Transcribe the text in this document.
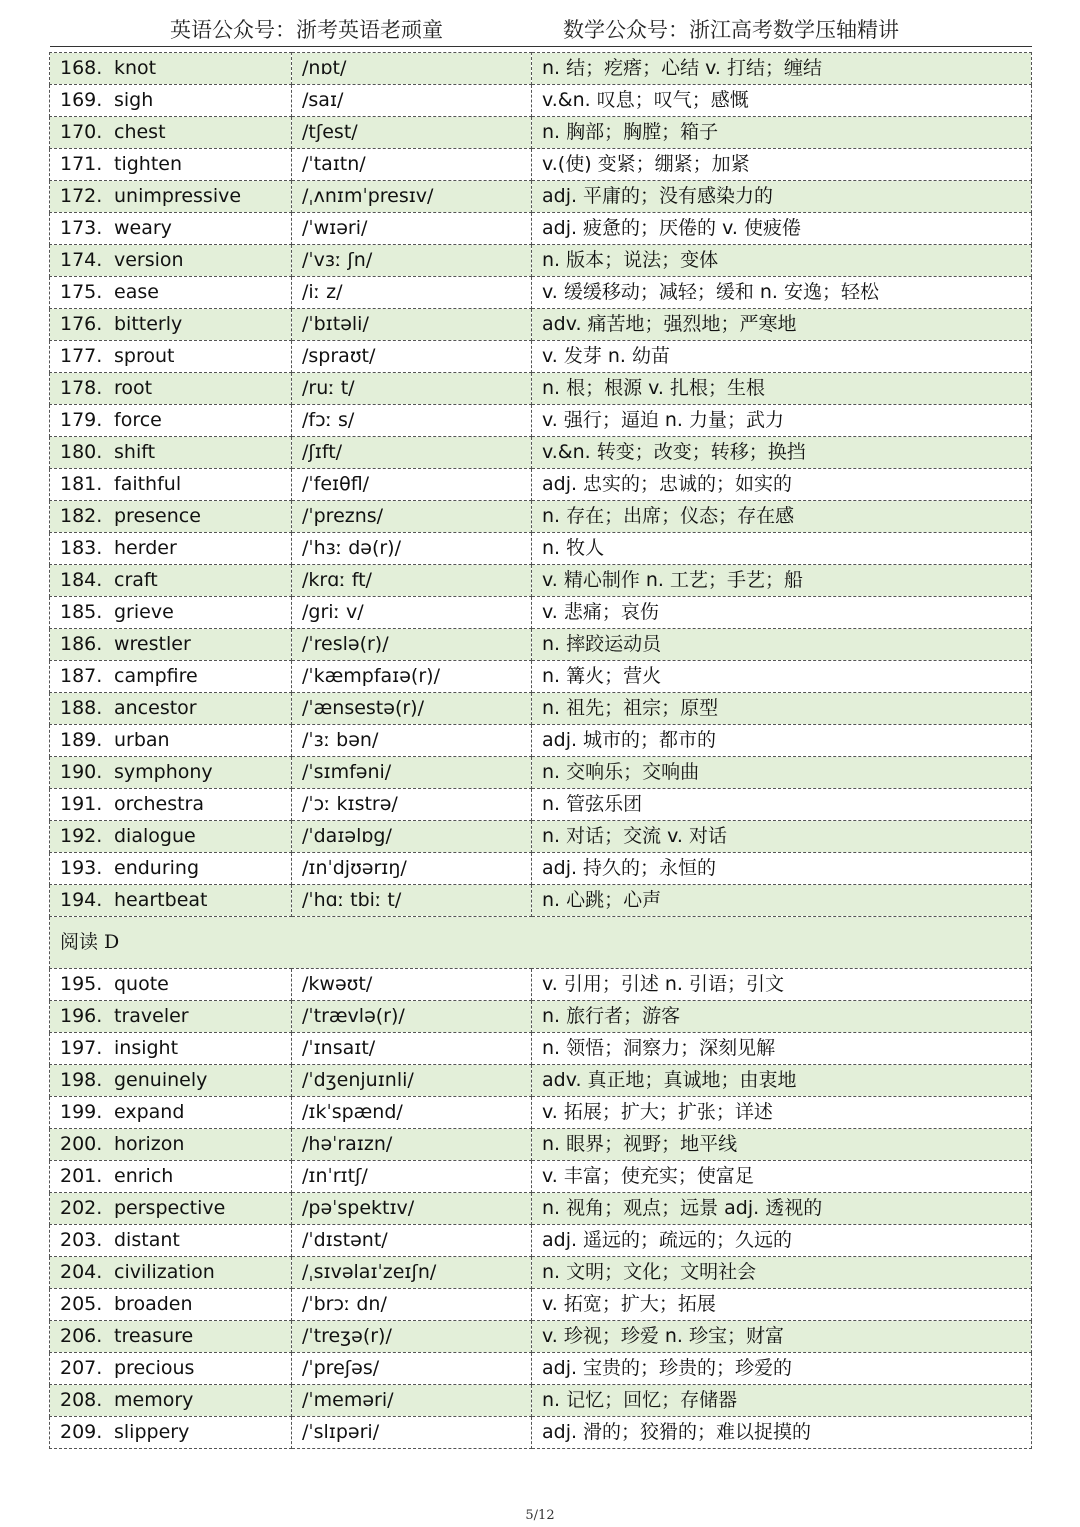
英语公众号：浙考英语老顽童	数学公众号：浙江高考数学压轴精讲
168. knot	/nɒt/	n. 结；疙瘩；心结 v. 打结；缠结
169. sigh	/saɪ/	v.&n. 叹息；叹气；感慨
170. chest	/tʃest/	n. 胸部；胸膛；箱子
171. tighten	/ˈtaɪtn/	v.(使) 变紧；绷紧；加紧
172. unimpressive	/ˌʌnɪmˈpresɪv/	adj. 平庸的；没有感染力的
173. weary	/ˈwɪəri/	adj. 疲惫的；厌倦的 v. 使疲倦
174. version	/ˈvɜː ʃn/	n. 版本；说法；变体
175. ease	/iː z/	v. 缓缓移动；减轻；缓和 n. 安逸；轻松
176. bitterly	/ˈbɪtəli/	adv. 痛苦地；强烈地；严寒地
177. sprout	/spraʊt/	v. 发芽 n. 幼苗
178. root	/ruː t/	n. 根；根源 v. 扎根；生根
179. force	/fɔː s/	v. 强行；逼迫 n. 力量；武力
180. shift	/ʃɪft/	v.&n. 转变；改变；转移；换挡
181. faithful	/ˈfeɪθfl/	adj. 忠实的；忠诚的；如实的
182. presence	/ˈprezns/	n. 存在；出席；仪态；存在感
183. herder	/ˈhɜː də(r)/	n. 牧人
184. craft	/krɑː ft/	v. 精心制作 n. 工艺；手艺；船
185. grieve	/griː v/	v. 悲痛；哀伤
186. wrestler	/ˈreslə(r)/	n. 摔跤运动员
187. campfire	/ˈkæmpfaɪə(r)/	n. 篝火；营火
188. ancestor	/ˈænsestə(r)/	n. 祖先；祖宗；原型
189. urban	/ˈɜː bən/	adj. 城市的；都市的
190. symphony	/ˈsɪmfəni/	n. 交响乐；交响曲
191. orchestra	/ˈɔː kɪstrə/	n. 管弦乐团
192. dialogue	/ˈdaɪəlɒg/	n. 对话；交流 v. 对话
193. enduring	/ɪnˈdjʊərɪŋ/	adj. 持久的；永恒的
194. heartbeat	/ˈhɑː tbiː t/	n. 心跳；心声
阅读 D		
195. quote	/kwəʊt/	v. 引用；引述 n. 引语；引文
196. traveler	/ˈtrævlə(r)/	n. 旅行者；游客
197. insight	/ˈɪnsaɪt/	n. 领悟；洞察力；深刻见解
198. genuinely	/ˈdʒenjuɪnli/	adv. 真正地；真诚地；由衷地
199. expand	/ɪkˈspænd/	v. 拓展；扩大；扩张；详述
200. horizon	/həˈraɪzn/	n. 眼界；视野；地平线
201. enrich	/ɪnˈrɪtʃ/	v. 丰富；使充实；使富足
202. perspective	/pəˈspektɪv/	n. 视角；观点；远景 adj. 透视的
203. distant	/ˈdɪstənt/	adj. 遥远的；疏远的；久远的
204. civilization	/ˌsɪvəlaɪˈzeɪʃn/	n. 文明；文化；文明社会
205. broaden	/ˈbrɔː dn/	v. 拓宽；扩大；拓展
206. treasure	/ˈtreʒə(r)/	v. 珍视；珍爱 n. 珍宝；财富
207. precious	/ˈpreʃəs/	adj. 宝贵的；珍贵的；珍爱的
208. memory	/ˈmeməri/	n. 记忆；回忆；存储器
209. slippery	/ˈslɪpəri/	adj. 滑的；狡猾的；难以捉摸的
5/12
